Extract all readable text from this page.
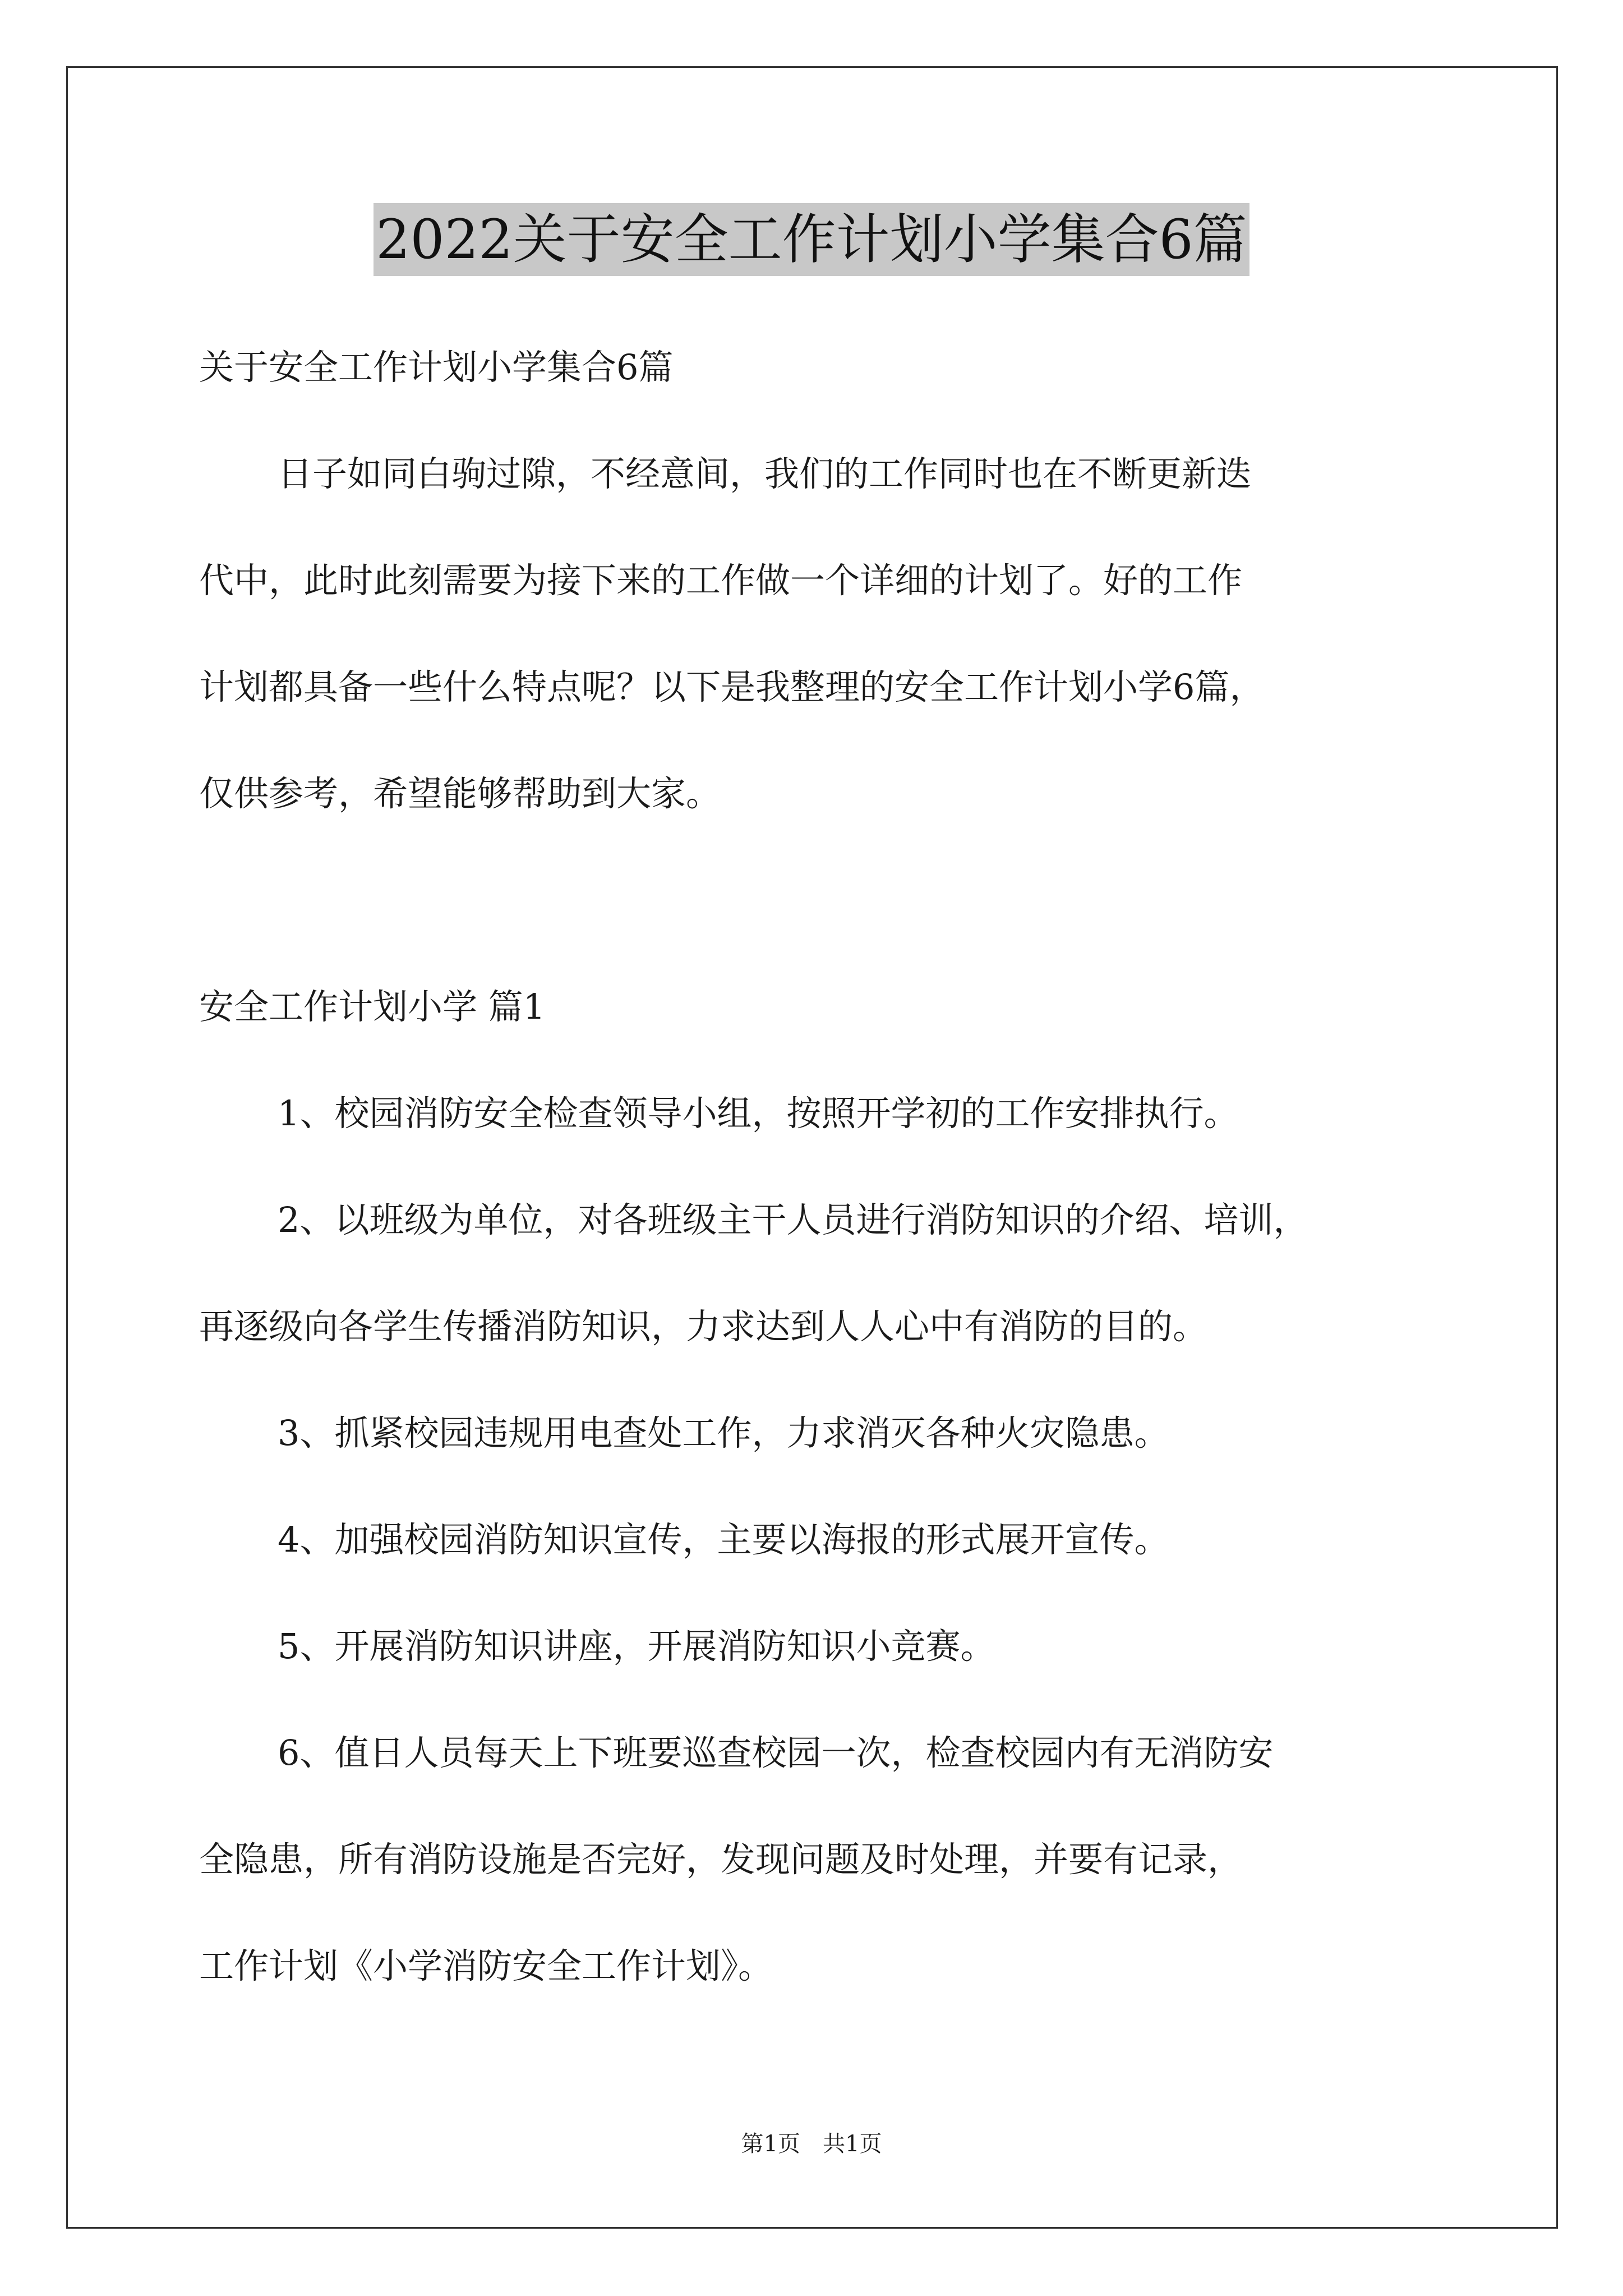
2022关于安全工作计划小学集合6篇

关于安全工作计划小学集合6篇

日子如同白驹过隙，不经意间，我们的工作同时也在不断更新迭

代中，此时此刻需要为接下来的工作做一个详细的计划了。好的工作

计划都具备一些什么特点呢？以下是我整理的安全工作计划小学6篇，

仅供参考，希望能够帮助到大家。

安全工作计划小学 篇1

1、校园消防安全检查领导小组，按照开学初的工作安排执行。

2、以班级为单位，对各班级主干人员进行消防知识的介绍、培训，

再逐级向各学生传播消防知识，力求达到人人心中有消防的目的。

3、抓紧校园违规用电查处工作，力求消灭各种火灾隐患。

4、加强校园消防知识宣传，主要以海报的形式展开宣传。

5、开展消防知识讲座，开展消防知识小竞赛。

6、值日人员每天上下班要巡查校园一次，检查校园内有无消防安

全隐患，所有消防设施是否完好，发现问题及时处理，并要有记录，

工作计划《小学消防安全工作计划》。

第1页　共1页
